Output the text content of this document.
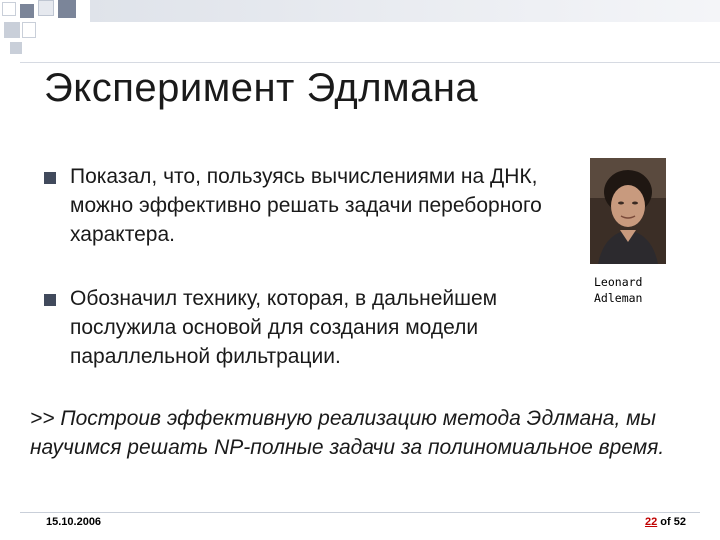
Эксперимент Эдлмана
Показал, что, пользуясь вычислениями на ДНК, можно эффективно решать задачи переборного характера.
Обозначил технику, которая, в дальнейшем послужила основой для создания модели параллельной фильтрации.
Leonard
Adleman
>> Построив эффективную реализацию метода Эдлмана, мы научимся решать NP-полные задачи за полиномиальное время.
15.10.2006	22 of 52
